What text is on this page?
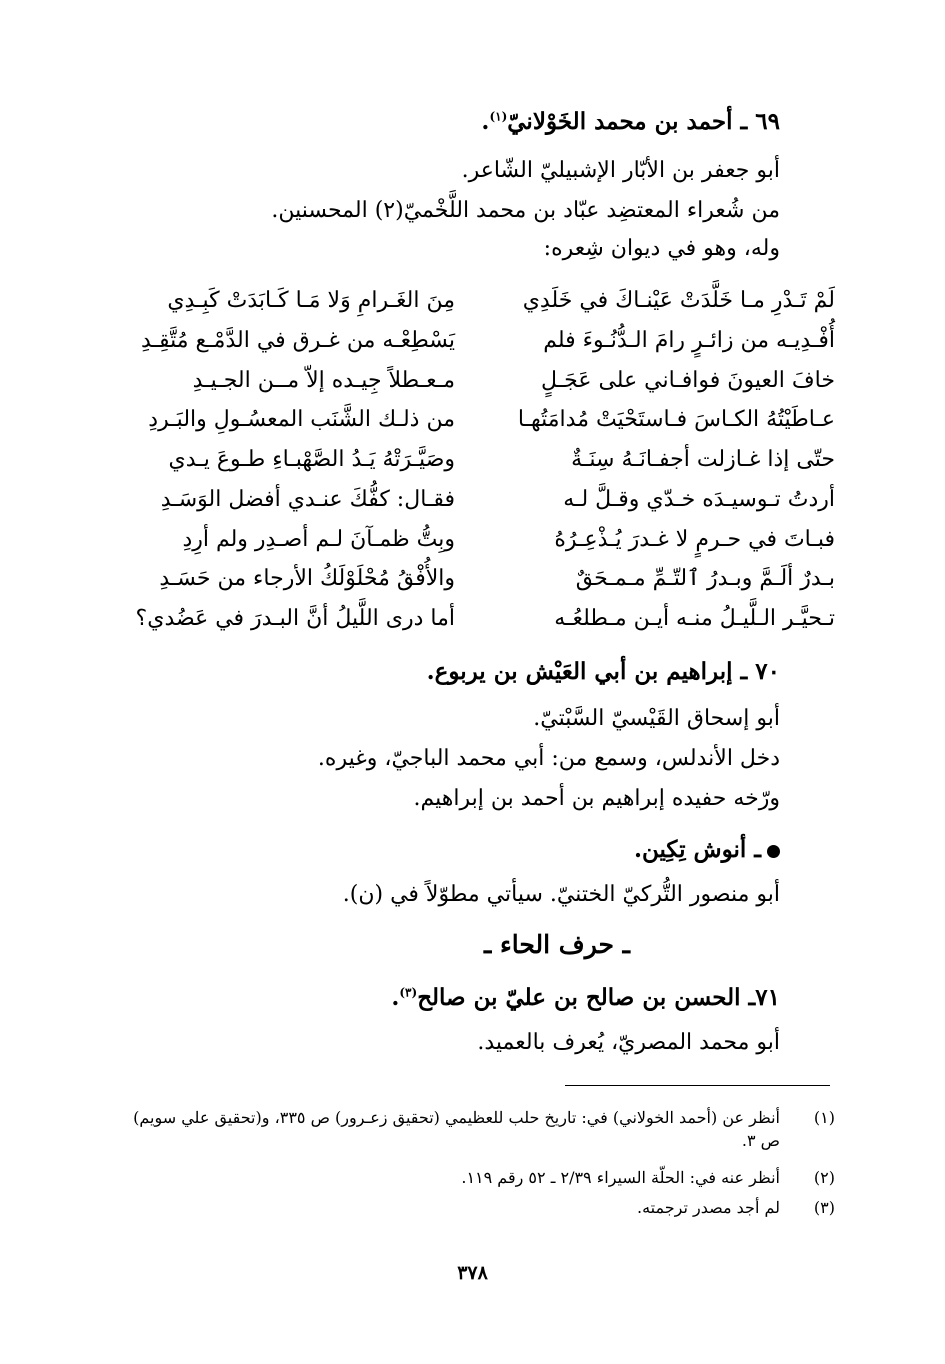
٦٩ ـ أحمد بن محمد الخَوْلانيّ$^{(١)}$.
أبو جعفر بن الأبّار الإشبيليّ الشّاعر.
من شُعراء المعتضِد عبّاد بن محمد اللَّخْميّ(٢) المحسنين.
وله، وهو في ديوان شِعره:
لَمْ تَـدْرِ مـا خَلَّدَتْ عَيْنـاكَ في خَلَدِي
مِنَ الغَـرامِ وَلا مَـا كَـابَدَتْ كَبِـدِي
أُفْـدِيـه من زائـرٍ رامَ الـدُّنُـوءَ فلم
يَسْطِعْـه من غـرق في الدَّمْـع مُتَّقِـدِ
خافَ العيونَ فوافـاني على عَجَـلٍ
مـعـطلاً جِيـده إلاّ مــن الجـيـدِ
عـاطَيْتُهُ الكـاسَ فـاستَحْيَتْ مُدامَتُهـا
من ذلـك الشَّنَب المعسُـولِ والبَـردِ
حتّى إذا غـازلت أجفـانَـهُ سِنَـةٌ
وصَيَّـرَتْهُ يَـدُ الصَّهْبـاءِ طـوعَ يـدي
أردتُ تـوسيـدَه خـدّي وقـلَّ لـه
فقـال: كفُّكَ عنـدي أفضل الوَسَـدِ
فبـاتَ في حـرمٍ لا غـدرَ يُـذْعِـرُهُ
وبِتُّ ظمـآنَ لـم أصـدِر ولم أرِدِ
بـدرٌ ألَـمَّ وبـدرُ ٱلتّـمِّ مـمـحَقٌ
والأُفْقُ مُحْلَوْلَكُ الأرجاء من حَسَـدِ
تـحيَّـر الـلَّيـلُ منـه أيـن مـطلعُـه
أما درى اللَّيلُ أنَّ البـدرَ في عَضُدي؟
٧٠ ـ إبراهيم بن أبي العَيْش بن يربوع.
أبو إسحاق القَيْسيّ السَّبْتيّ.
دخل الأندلس، وسمع من: أبي محمد الباجيّ، وغيره.
ورّخه حفيده إبراهيم بن أحمد بن إبراهيم.
ـ أنوش تِكِين.
أبو منصور التُّركيّ الختنيّ. سيأتي مطوّلاً في (ن).
ـ حرف الحاء ـ
٧١ـ الحسن بن صالح بن عليّ بن صالح$^{(٣)}$.
أبو محمد المصريّ، يُعرف بالعميد.
(١)
أنظر عن (أحمد الخولاني) في: تاريخ حلب للعظيمي (تحقيق زعـرور) ص ٣٣٥، و(تحقيق علي سويم) ص ٣.
(٢)
أنظر عنه في: الحلّة السيراء ٢/٣٩ ـ ٥٢ رقم ١١٩.
(٣)
لم أجد مصدر ترجمته.
٣٧٨
